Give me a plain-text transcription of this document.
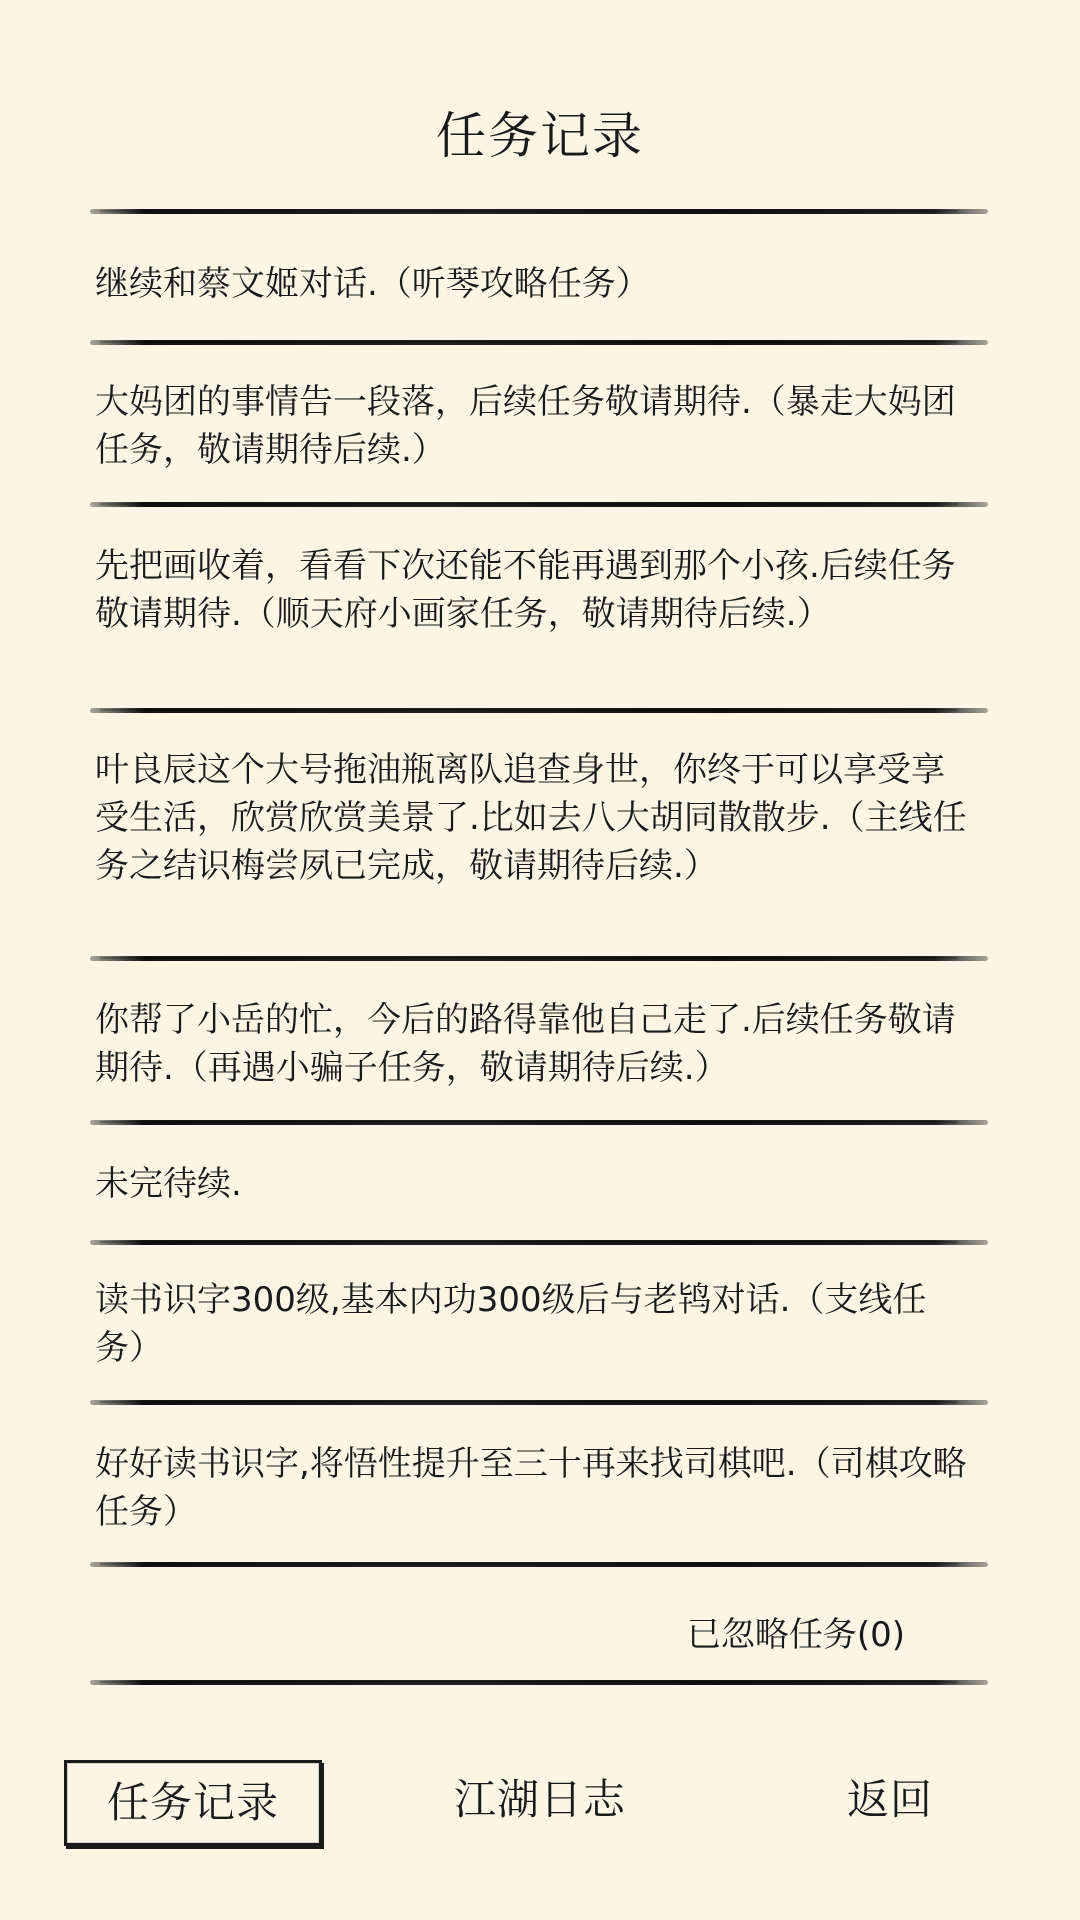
任务记录
继续和蔡文姬对话.（听琴攻略任务）
大妈团的事情告一段落，后续任务敬请期待.（暴走大妈团任务，敬请期待后续.）
先把画收着，看看下次还能不能再遇到那个小孩.后续任务敬请期待.（顺天府小画家任务，敬请期待后续.）
叶良辰这个大号拖油瓶离队追查身世，你终于可以享受享受生活，欣赏欣赏美景了.比如去八大胡同散散步.（主线任务之结识梅尝夙已完成，敬请期待后续.）
你帮了小岳的忙，今后的路得靠他自己走了.后续任务敬请期待.（再遇小骗子任务，敬请期待后续.）
未完待续.
读书识字300级,基本内功300级后与老鸨对话.（支线任务）
好好读书识字,将悟性提升至三十再来找司棋吧.（司棋攻略任务）
已忽略任务(0)
任务记录	江湖日志	返回
